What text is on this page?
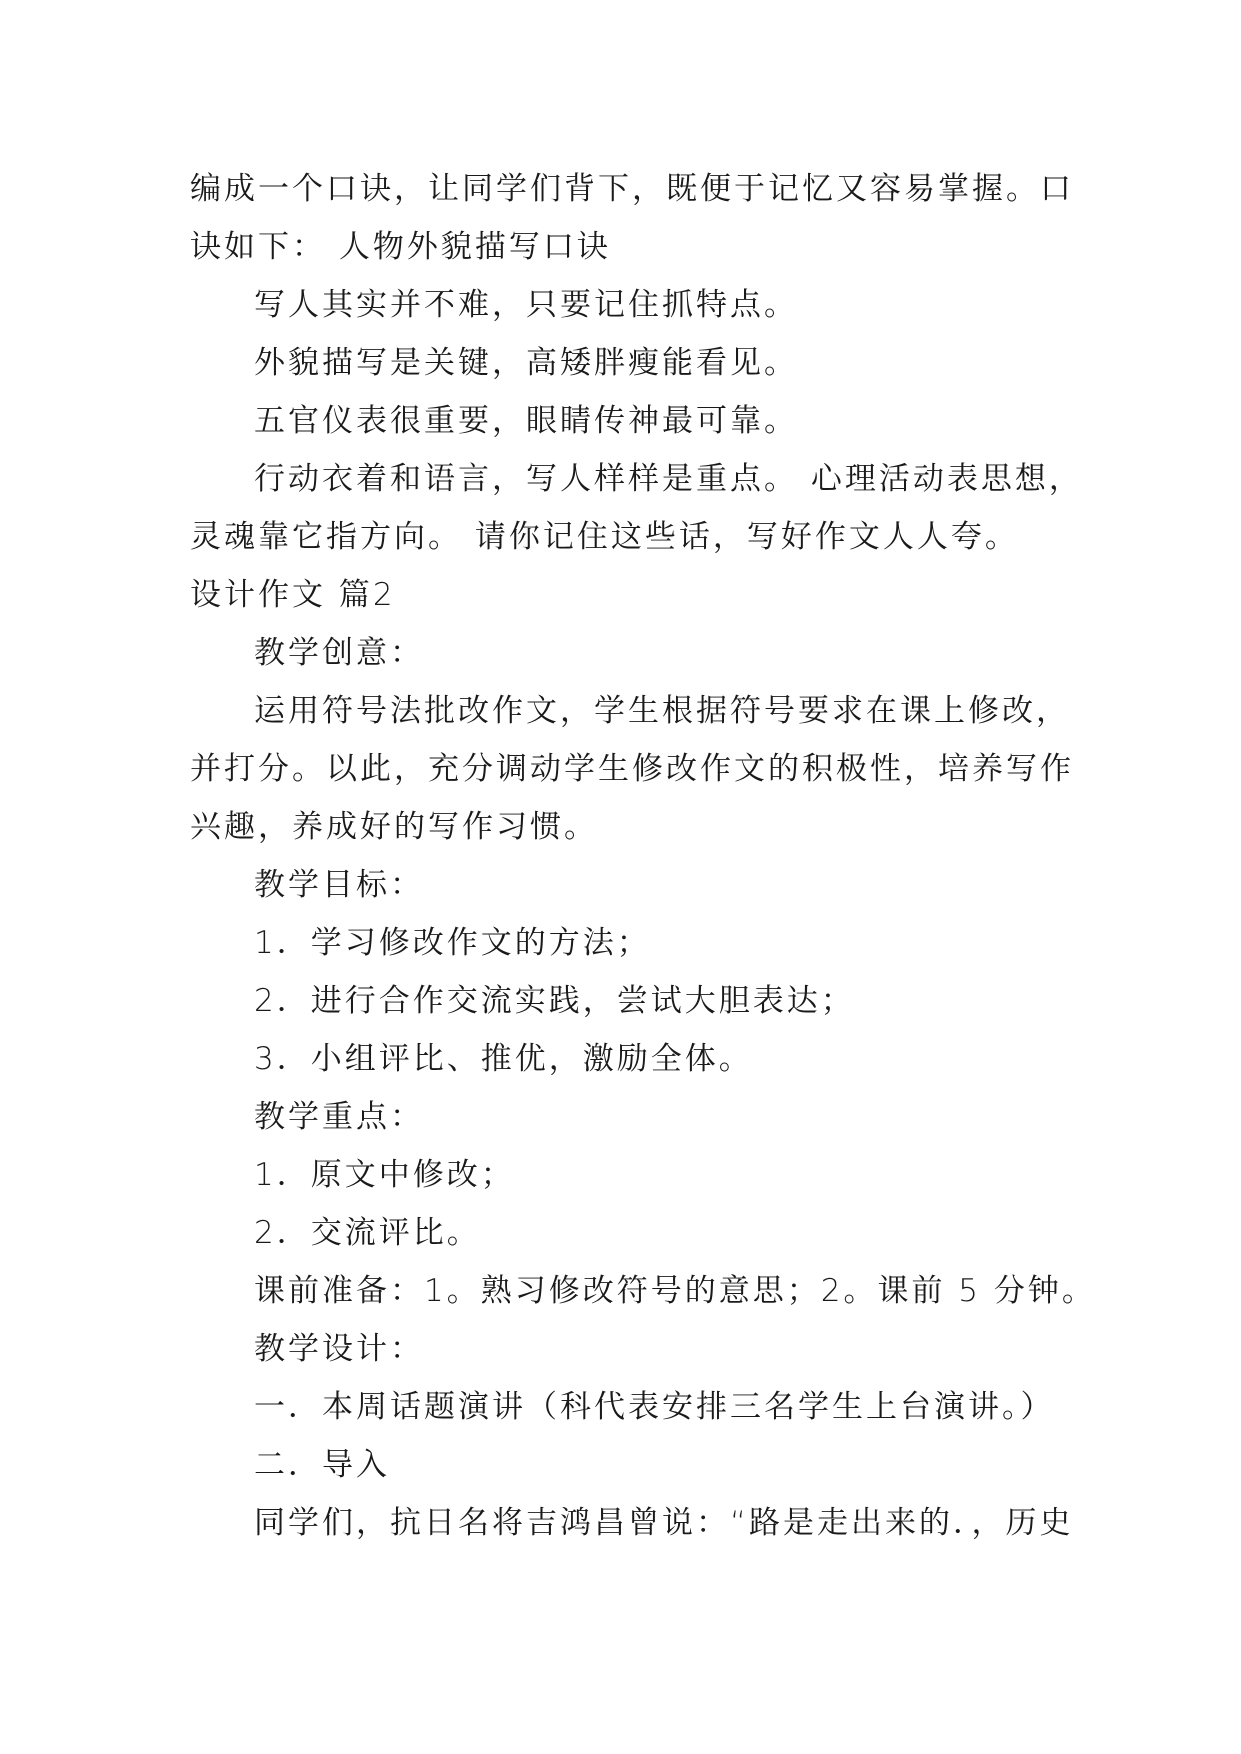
编成一个口诀，让同学们背下，既便于记忆又容易掌握。口

诀如下： 人物外貌描写口诀

写人其实并不难，只要记住抓特点。

外貌描写是关键，高矮胖瘦能看见。

五官仪表很重要，眼睛传神最可靠。

行动衣着和语言，写人样样是重点。 心理活动表思想，

灵魂靠它指方向。 请你记住这些话，写好作文人人夸。

设计作文 篇2

教学创意：

运用符号法批改作文，学生根据符号要求在课上修改，

并打分。以此，充分调动学生修改作文的积极性，培养写作

兴趣，养成好的写作习惯。

教学目标：

1．学习修改作文的方法；

2．进行合作交流实践，尝试大胆表达；

3．小组评比、推优，激励全体。

教学重点：

1．原文中修改；

2．交流评比。

课前准备：1。熟习修改符号的意思；2。课前 5 分钟。

教学设计：

一．本周话题演讲（科代表安排三名学生上台演讲。）

二．导入

同学们，抗日名将吉鸿昌曾说：“路是走出来的．，历史
